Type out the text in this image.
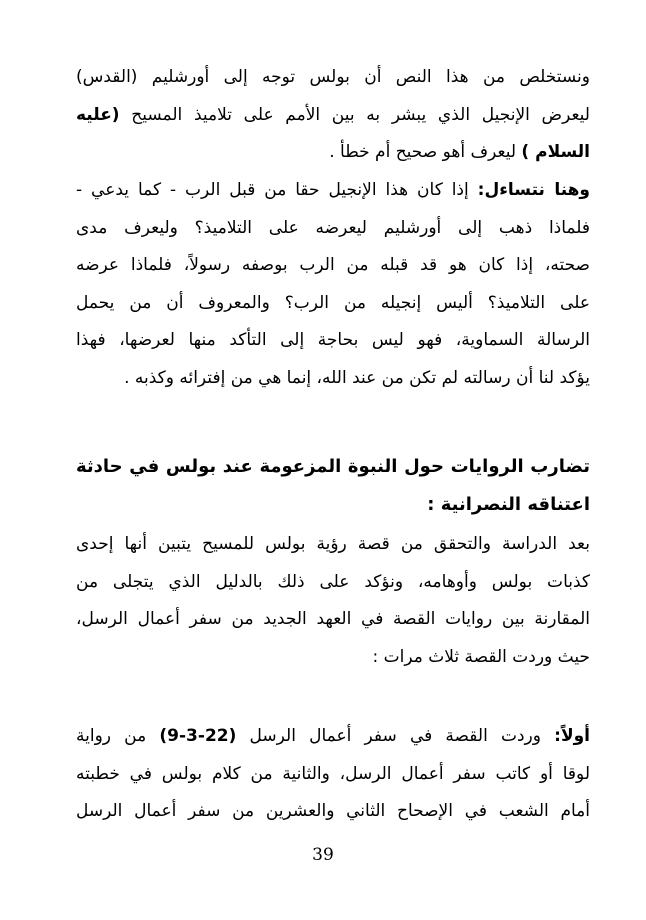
ونستخلص من هذا النص أن بولس توجه إلى أورشليم (القدس)
ليعرض الإنجيل الذي يبشر به بين الأمم على تلاميذ المسيح (عليه
السلام ) ليعرف أهو صحيح أم خطأ .
وهنا نتساءل: إذا كان هذا الإنجيل حقا من قبل الرب - كما يدعي -
فلماذا ذهب إلى أورشليم ليعرضه على التلاميذ؟ وليعرف مدى
صحته، إذا كان هو قد قبله من الرب بوصفه رسولاً، فلماذا عرضه
على التلاميذ؟ أليس إنجيله من الرب؟ والمعروف أن من يحمل
الرسالة السماوية، فهو ليس بحاجة إلى التأكد منها لعرضها، فهذا
يؤكد لنا أن رسالته لم تكن من عند الله، إنما هي من إفترائه وكذبه .
تضارب الروايات حول النبوة المزعومة عند بولس في حادثة
اعتناقه النصرانية :
بعد الدراسة والتحقق من قصة رؤية بولس للمسيح يتبين أنها إحدى
كذبات بولس وأوهامه، ونؤكد على ذلك بالدليل الذي يتجلى من
المقارنة بين روايات القصة في العهد الجديد من سفر أعمال الرسل،
حيث وردت القصة ثلاث مرات :
أولاً: وردت القصة في سفر أعمال الرسل (9-3-22) من رواية
لوقا أو كاتب سفر أعمال الرسل، والثانية من كلام بولس في خطبته
أمام الشعب في الإصحاح الثاني والعشرين من سفر أعمال الرسل
39
